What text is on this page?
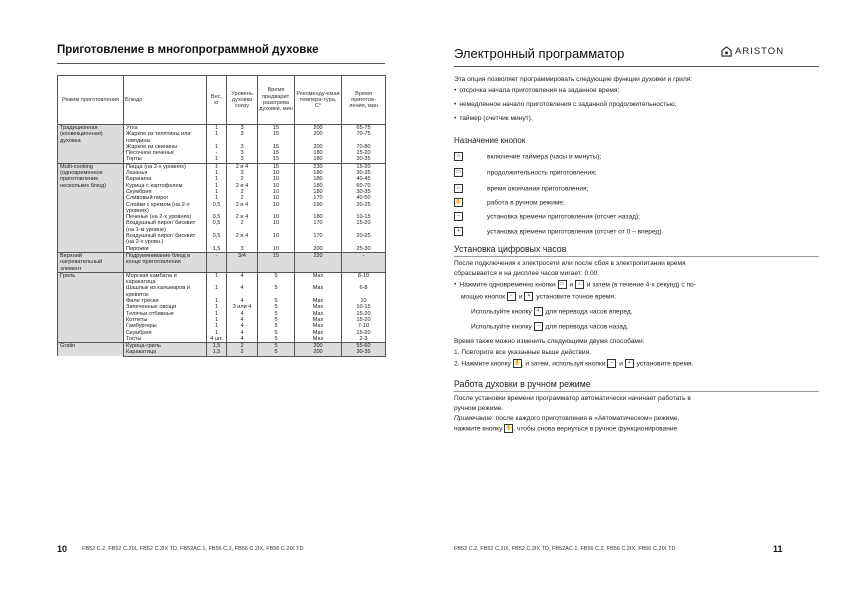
Приготовление в многопрограммной духовке
Режим приготовления	Блюдо	Вес, кг	Уровень духовки снизу	Время предварит. разогрева духовки, мин	Рекоменду-емая темпера-тура, С°	Время приготов-ления, мин
Традиционная (конвекционная) духовка	Утка	1	3	15	200	65-75
	Жаркое из телятины или говядины	1	3	15	200	70-75
	Жаркое из свинины	1	3	15	200	70-80
	Песочное печенье	-	3	15	180	15-20
	Торты	1	3	15	180	30-35
Multi-cooking (одновременное приготовление нескольких блюд)	Пицца (на 2-х уровнях)	1	2 и 4	15	230	15-20
	Лазанья	1	3	10	180	30-35
	Баранина	1	2	10	180	40-45
	Курица с картофелем	1	2 и 4	10	180	60-70
	Скумбрия	1	2	10	180	30-35
	Сливовый пирог	1	2	10	170	40-50
	Слойки с кремом (на 2-х уровнях)	0,5	2 и 4	10	190	20-25
	Печенье (на 2-х уровнях)	0,5	2 и 4	10	180	10-15
	Воздушный пирог/ бисквит (на 1-м уровне)	0,5	2	10	170	15-20
	Воздушный пирог/ бисквит (на 2-х уровн.)	0,5	2 и 4	10	170	20-25
	Пирожки	1,5	3	10	200	25-30
Верхний нагревательный элемент	Подрумянивание блюд в конце приготовления	-	3/4	15	220	-
Гриль	Морская камбала и каракатица	1	4	5	Max	8-10
	Шашлык из кальмаров и креветок	1	4	5	Max	6-8
	Филе трески	1	4	5	Max	10
	Запеченные овощи	1	3 или 4	5	Max	10-15
	Телячьи отбивные	1	4	5	Max	15-20
	Котлеты	1	4	5	Max	15-20
	Гамбургеры	1	4	5	Max	7-10
	Скумбрия	1	4	5	Max	15-20
	Тосты	4 шт.	4	5	Max	2-3
Gratin	Курица-гриль	1,5	2	5	200	55-60
	Каракатица	1,5	2	5	200	30-35
10	FB52 C.2, FB52 C.2IX, FB52 C.2IX TD, FB52AC.1, FB56 C.2, FB56 C.2IX, FB56 C.2IX TD
Электронный программатор	ARISTON
Эта опция позволяет программировать следующие функции духовки и гриля:
• отсрочка начала приготовления на заданное время;
• немедленное начало приготовления с заданной продолжительностью;
• таймер (счетчик минут).
Назначение кнопок
♫	включение таймера (часы и минуты);
▭	продолжительность приготовления;
⌂	время окончания приготовления;
✋	работа в ручном режиме;
−	установка времени приготовления (отсчет назад);
+	установка времени приготовления (отсчет от 0 – вперед).
Установка цифровых часов
После подключения к электросети или после сбоя в электропитании время
сбрасывается и на дисплее часов мигает: 0.00.
• Нажмите одновременно кнопки ▭ и ⌂ и затем (в течение 4-х секунд) с по-
мощью кнопок − и + установите точное время.
Используйте кнопку + для перевода часов вперед.
Используйте кнопку − для перевода часов назад.
Время также можно изменить следующими двумя способами:
1. Повторите все указанные выше действия.
2. Нажмите кнопку ✋, и затем, используя кнопки − и + установите время.
Работа духовки в ручном режиме
После установки времени программатор автоматически начинает работать в
ручном режиме.
Примечание: после каждого приготовления в «Автоматическом» режиме,
нажмите кнопку ✋, чтобы снова вернуться в ручное функционирование
FB52 C.2, FB52 C.2IX, FB52 C.2IX TD, FB52AC.1, FB56 C.2, FB56 C.2IX, FB56 C.2IX TD	11
